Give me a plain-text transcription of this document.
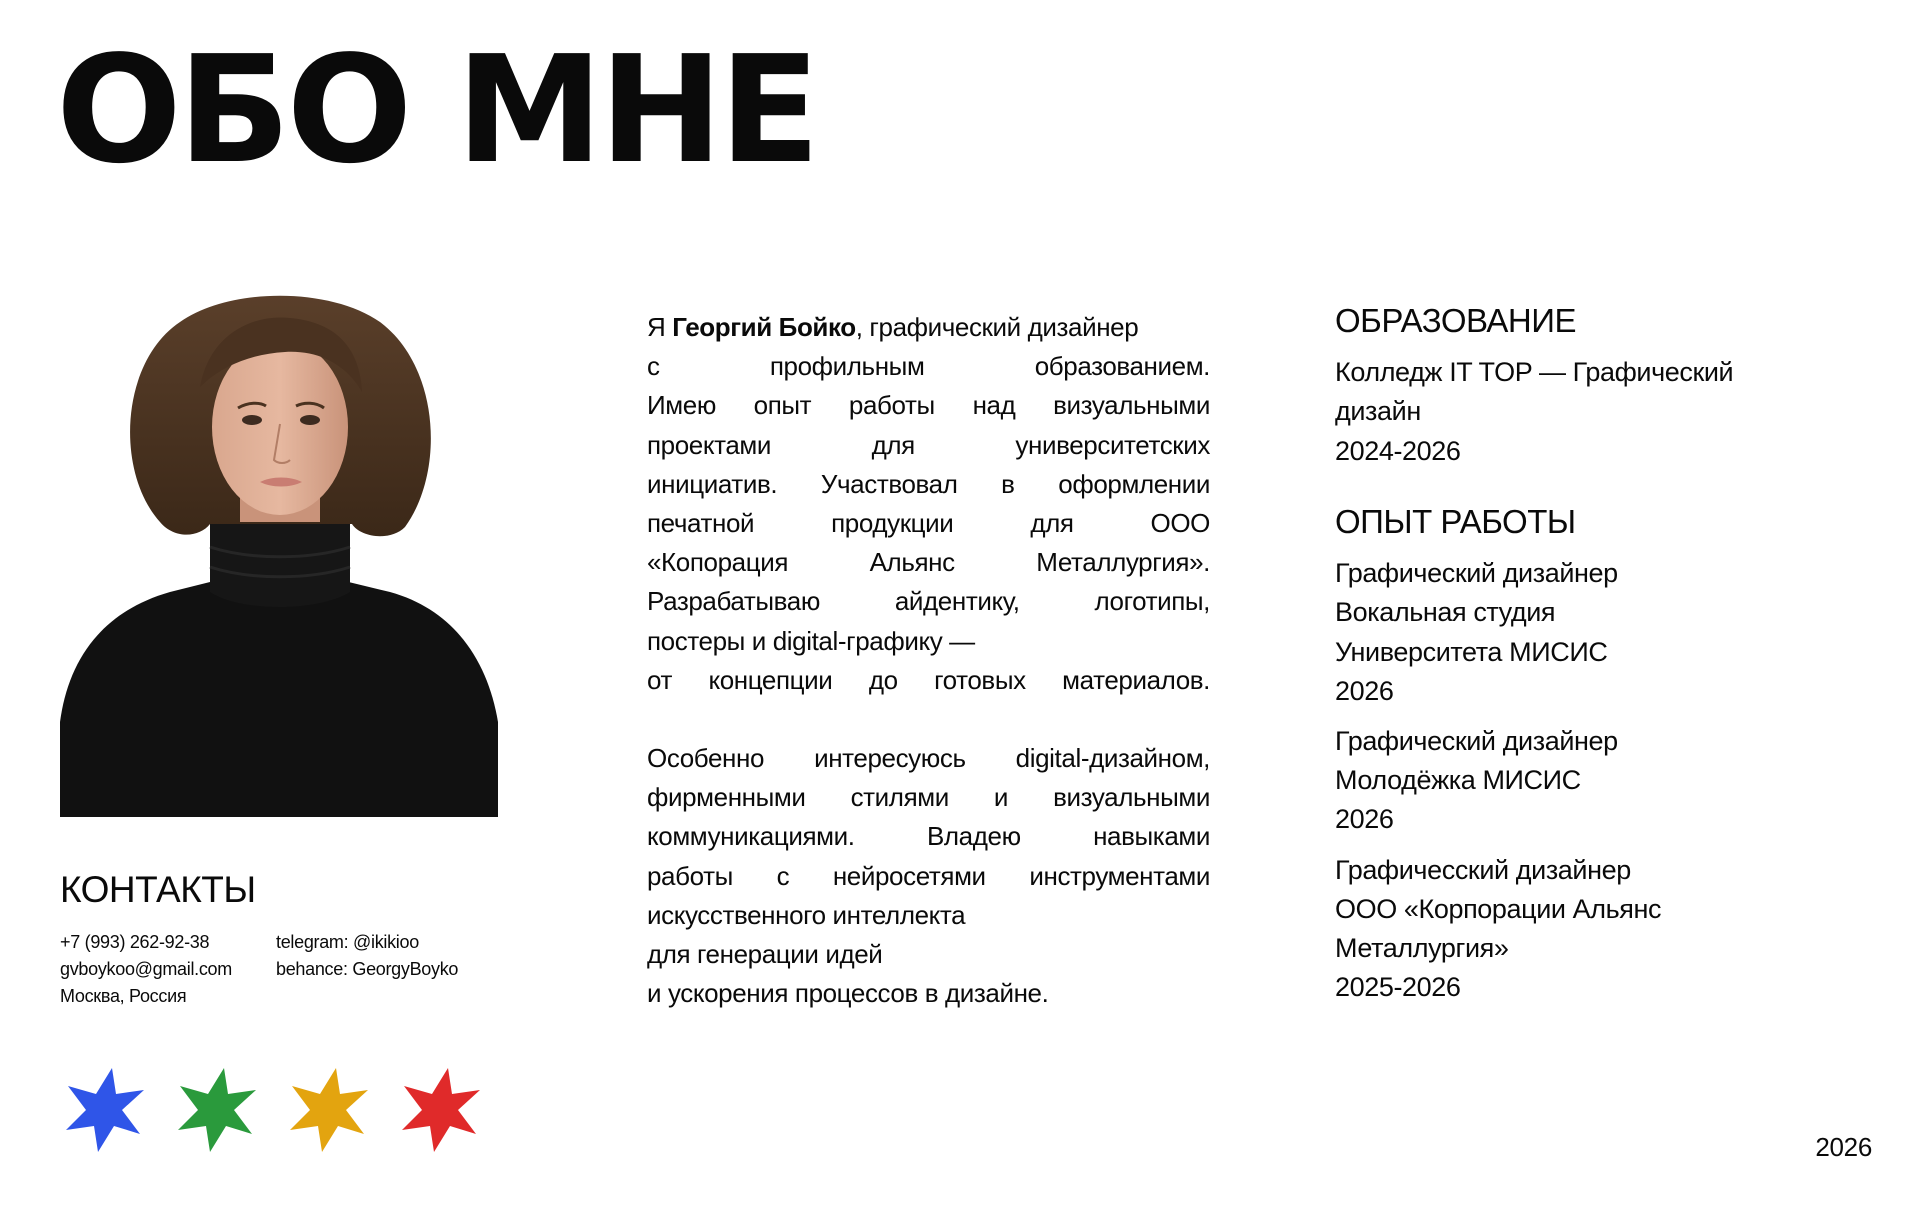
ОБО МНЕ

Я Георгий Бойко, графический дизайнер
с профильным образованием.
Имею опыт работы над визуальными
проектами для университетских
инициатив. Участвовал в оформлении
печатной продукции для ООО
«Копорация Альянс Металлургия».
Разрабатываю айдентику, логотипы,
постеры и digital-графику —
от концепции до готовых материалов.

Особенно интересуюсь digital-дизайном,
фирменными стилями и визуальными
коммуникациями. Владею навыками
работы с нейросетями инструментами
искусственного интеллекта
для генерации идей
и ускорения процессов в дизайне.

ОБРАЗОВАНИЕ
Колледж IT TOP — Графический
дизайн
2024-2026
ОПЫТ РАБОТЫ
Графический дизайнер
Вокальная студия
Университета МИСИС
2026
Графический дизайнер
Молодёжка МИСИС
2026
Графичесский дизайнер
ООО «Корпорации Альянс
Металлургия»
2025-2026
КОНТАКТЫ
+7 (993) 262-92-38
gvboykoo@gmail.com
Москва, Россия
telegram: @ikikioo
behance: GeorgyBoyko
2026
